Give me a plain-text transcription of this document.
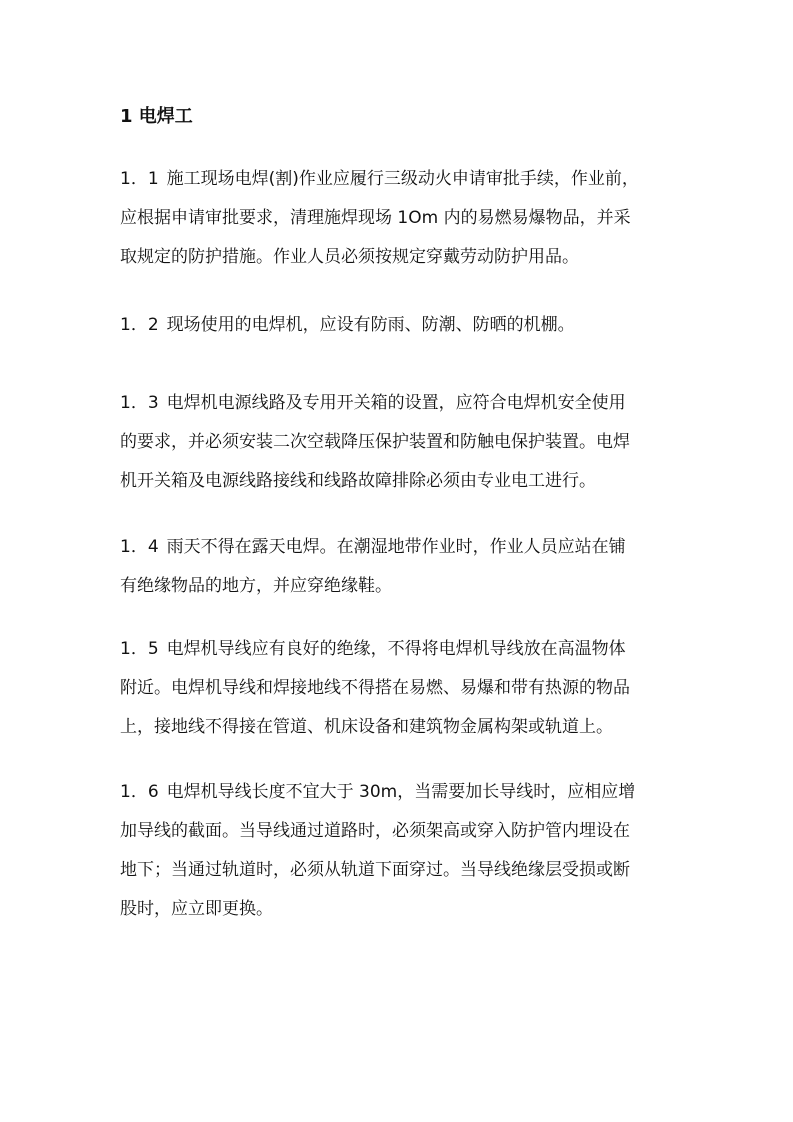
1 电焊工
1．1 施工现场电焊(割)作业应履行三级动火申请审批手续，作业前，
应根据申请审批要求，清理施焊现场 1Om 内的易燃易爆物品，并采
取规定的防护措施。作业人员必须按规定穿戴劳动防护用品。
1．2 现场使用的电焊机，应设有防雨、防潮、防晒的机棚。
1．3 电焊机电源线路及专用开关箱的设置，应符合电焊机安全使用
的要求，并必须安装二次空载降压保护装置和防触电保护装置。电焊
机开关箱及电源线路接线和线路故障排除必须由专业电工进行。
1．4 雨天不得在露天电焊。在潮湿地带作业时，作业人员应站在铺
有绝缘物品的地方，并应穿绝缘鞋。
1．5 电焊机导线应有良好的绝缘，不得将电焊机导线放在高温物体
附近。电焊机导线和焊接地线不得搭在易燃、易爆和带有热源的物品
上，接地线不得接在管道、机床设备和建筑物金属构架或轨道上。
1．6 电焊机导线长度不宜大于 30m，当需要加长导线时，应相应增
加导线的截面。当导线通过道路时，必须架高或穿入防护管内埋设在
地下；当通过轨道时，必须从轨道下面穿过。当导线绝缘层受损或断
股时，应立即更换。
